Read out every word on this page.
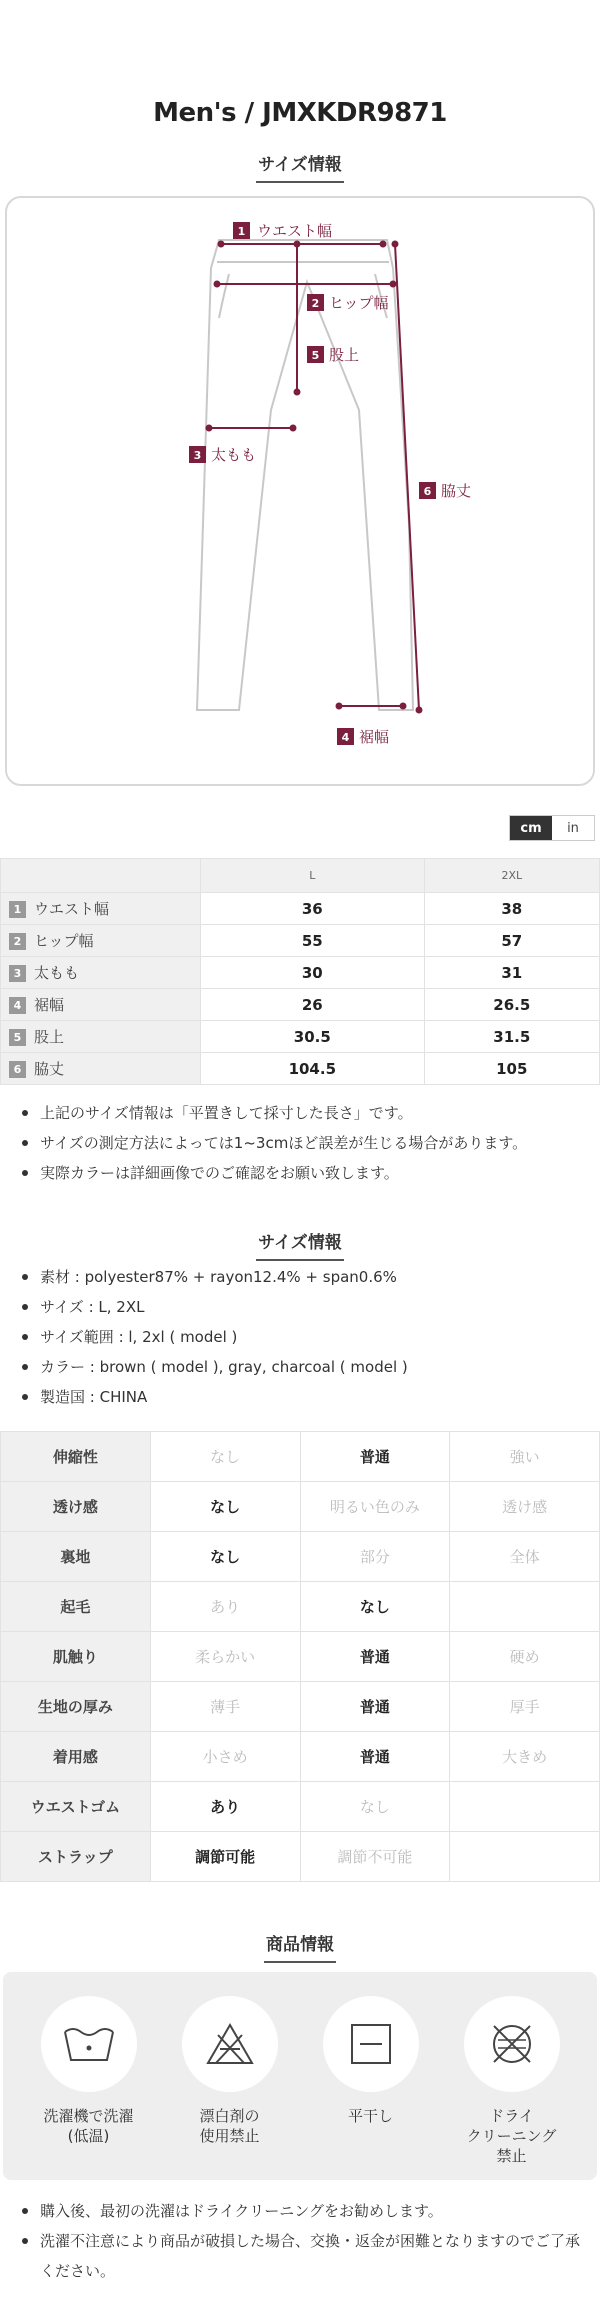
Men's / JMXKDR9871
サイズ情報
1 ウエスト幅
2 ヒップ幅
5 股上
3 太もも
6 脇丈
4 裾幅
cm	in
	L	2XL
1 ウエスト幅	36	38
2 ヒップ幅	55	57
3 太もも	30	31
4 裾幅	26	26.5
5 股上	30.5	31.5
6 脇丈	104.5	105
上記のサイズ情報は「平置きして採寸した長さ」です。
サイズの測定方法によっては1~3cmほど誤差が生じる場合があります。
実際カラーは詳細画像でのご確認をお願い致します。
サイズ情報
素材 : polyester87% + rayon12.4% + span0.6%
サイズ : L, 2XL
サイズ範囲 : l, 2xl ( model )
カラー : brown ( model ), gray, charcoal ( model )
製造国 : CHINA
伸縮性	なし	普通	強い
透け感	なし	明るい色のみ	透け感
裏地	なし	部分	全体
起毛	あり	なし	
肌触り	柔らかい	普通	硬め
生地の厚み	薄手	普通	厚手
着用感	小さめ	普通	大きめ
ウエストゴム	あり	なし	
ストラップ	調節可能	調節不可能	
商品情報
洗濯機で洗濯
(低温)
漂白剤の
使用禁止
平干し	ドライ
クリーニング
禁止
購入後、最初の洗濯はドライクリーニングをお勧めします。
洗濯不注意により商品が破損した場合、交換・返金が困難となりますのでご了承ください。
